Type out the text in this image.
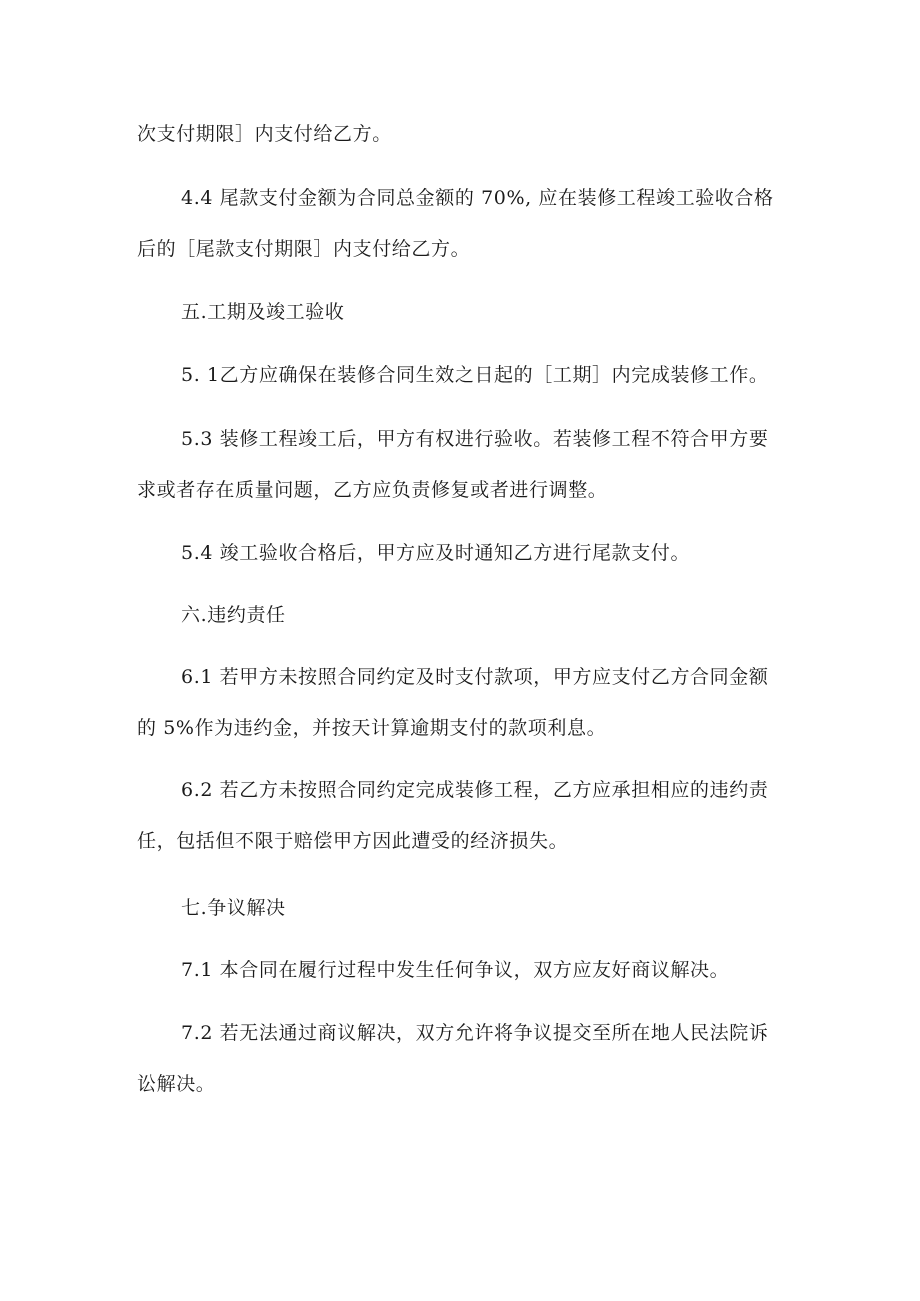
次支付期限］内支付给乙方。
4.4 尾款支付金额为合同总金额的 70%, 应在装修工程竣工验收合格
后的［尾款支付期限］内支付给乙方。
五.工期及竣工验收
5. 1乙方应确保在装修合同生效之日起的［工期］内完成装修工作。
5.3 装修工程竣工后，甲方有权进行验收。若装修工程不符合甲方要
求或者存在质量问题，乙方应负责修复或者进行调整。
5.4 竣工验收合格后，甲方应及时通知乙方进行尾款支付。
六.违约责任
6.1 若甲方未按照合同约定及时支付款项，甲方应支付乙方合同金额
的 5%作为违约金，并按天计算逾期支付的款项利息。
6.2 若乙方未按照合同约定完成装修工程，乙方应承担相应的违约责
任，包括但不限于赔偿甲方因此遭受的经济损失。
七.争议解决
7.1 本合同在履行过程中发生任何争议，双方应友好商议解决。
7.2 若无法通过商议解决，双方允许将争议提交至所在地人民法院诉
讼解决。
